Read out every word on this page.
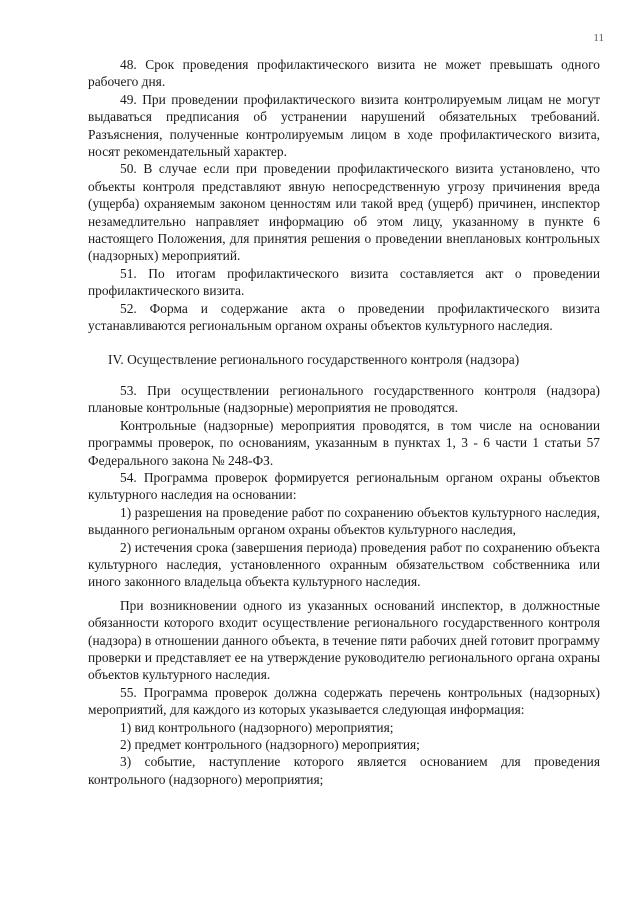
11

48. Срок проведения профилактического визита не может превышать одного рабочего дня.

49. При проведении профилактического визита контролируемым лицам не могут выдаваться предписания об устранении нарушений обязательных требований. Разъяснения, полученные контролируемым лицом в ходе профилактического визита, носят рекомендательный характер.

50. В случае если при проведении профилактического визита установлено, что объекты контроля представляют явную непосредственную угрозу причинения вреда (ущерба) охраняемым законом ценностям или такой вред (ущерб) причинен, инспектор незамедлительно направляет информацию об этом лицу, указанному в пункте 6 настоящего Положения, для принятия решения о проведении внеплановых контрольных (надзорных) мероприятий.

51. По итогам профилактического визита составляется акт о проведении профилактического визита.

52. Форма и содержание акта о проведении профилактического визита устанавливаются региональным органом охраны объектов культурного наследия.

IV. Осуществление регионального государственного контроля (надзора)

53. При осуществлении регионального государственного контроля (надзора) плановые контрольные (надзорные) мероприятия не проводятся.

Контрольные (надзорные) мероприятия проводятся, в том числе на основании программы проверок, по основаниям, указанным в пунктах 1, 3 - 6 части 1 статьи 57 Федерального закона № 248-ФЗ.

54. Программа проверок формируется региональным органом охраны объектов культурного наследия на основании:

1) разрешения на проведение работ по сохранению объектов культурного наследия, выданного региональным органом охраны объектов культурного наследия,

2) истечения срока (завершения периода) проведения работ по сохранению объекта культурного наследия, установленного охранным обязательством собственника или иного законного владельца объекта культурного наследия.

При возникновении одного из указанных оснований инспектор, в должностные обязанности которого входит осуществление регионального государственного контроля (надзора) в отношении данного объекта, в течение пяти рабочих дней готовит программу проверки и представляет ее на утверждение руководителю регионального органа охраны объектов культурного наследия.

55. Программа проверок должна содержать перечень контрольных (надзорных) мероприятий, для каждого из которых указывается следующая информация:

1) вид контрольного (надзорного) мероприятия;

2) предмет контрольного (надзорного) мероприятия;

3) событие, наступление которого является основанием для проведения контрольного (надзорного) мероприятия;
